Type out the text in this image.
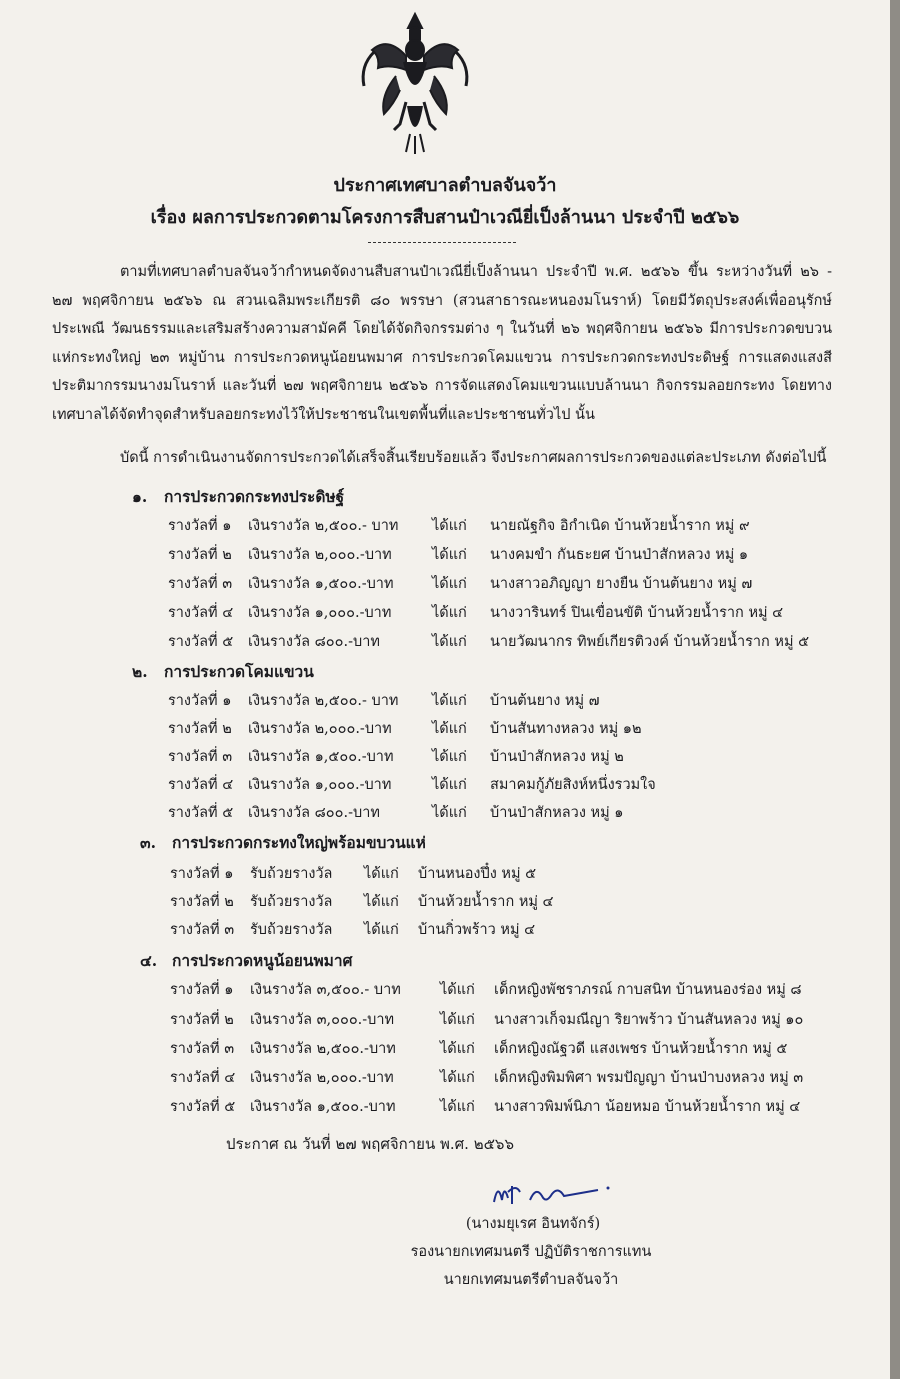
ประกาศเทศบาลตำบลจันจว้า
เรื่อง ผลการประกวดตามโครงการสืบสานป๋าเวณียี่เป็งล้านนา ประจำปี ๒๕๖๖

ตามที่เทศบาลตำบลจันจว้ากำหนดจัดงานสืบสานป๋าเวณียี่เป็งล้านนา ประจำปี พ.ศ. ๒๕๖๖ ขึ้น ระหว่างวันที่ ๒๖ - ๒๗ พฤศจิกายน ๒๕๖๖ ณ สวนเฉลิมพระเกียรติ ๘๐ พรรษา (สวนสาธารณะหนองมโนราห์) โดยมีวัตถุประสงค์เพื่ออนุรักษ์ประเพณี วัฒนธรรมและเสริมสร้างความสามัคคี โดยได้จัดกิจกรรมต่าง ๆ ในวันที่ ๒๖ พฤศจิกายน ๒๕๖๖ มีการประกวดขบวนแห่กระทงใหญ่ ๒๓ หมู่บ้าน การประกวดหนูน้อยนพมาศ การประกวดโคมแขวน การประกวดกระทงประดิษฐ์ การแสดงแสงสี ประติมากรรมนางมโนราห์ และวันที่ ๒๗ พฤศจิกายน ๒๕๖๖ การจัดแสดงโคมแขวนแบบล้านนา กิจกรรมลอยกระทง โดยทาง เทศบาลได้จัดทำจุดสำหรับลอยกระทงไว้ให้ประชาชนในเขตพื้นที่และประชาชนทั่วไป นั้น

บัดนี้ การดำเนินงานจัดการประกวดได้เสร็จสิ้นเรียบร้อยแล้ว จึงประกาศผลการประกวดของแต่ละประเภท ดังต่อไปนี้

๑. การประกวดกระทงประดิษฐ์
รางวัลที่ ๑ เงินรางวัล ๒,๕๐๐.- บาท ได้แก่ นายณัฐกิจ อิกำเนิด บ้านห้วยน้ำราก หมู่ ๙
รางวัลที่ ๒ เงินรางวัล ๒,๐๐๐.-บาท	ได้แก่ นางคมขำ กันธะยศ บ้านป่าสักหลวง หมู่ ๑
รางวัลที่ ๓ เงินรางวัล ๑,๕๐๐.-บาท	ได้แก่ นางสาวอภิญญา ยางยืน บ้านต้นยาง หมู่ ๗
รางวัลที่ ๔ เงินรางวัล ๑,๐๐๐.-บาท	ได้แก่ นางวารินทร์ ปินเขื่อนขัติ บ้านห้วยน้ำราก หมู่ ๔
รางวัลที่ ๕ เงินรางวัล ๘๐๐.-บาท	ได้แก่ นายวัฒนากร ทิพย์เกียรติวงค์ บ้านห้วยน้ำราก หมู่ ๕
๒. การประกวดโคมแขวน
รางวัลที่ ๑ เงินรางวัล ๒,๕๐๐.- บาท ได้แก่ บ้านต้นยาง หมู่ ๗
รางวัลที่ ๒ เงินรางวัล ๒,๐๐๐.-บาท	ได้แก่ บ้านสันทางหลวง หมู่ ๑๒
รางวัลที่ ๓ เงินรางวัล ๑,๕๐๐.-บาท	ได้แก่ บ้านป่าสักหลวง หมู่ ๒
รางวัลที่ ๔ เงินรางวัล ๑,๐๐๐.-บาท	ได้แก่ สมาคมกู้ภัยสิงห์หนึ่งรวมใจ
รางวัลที่ ๕ เงินรางวัล ๘๐๐.-บาท	ได้แก่ บ้านป่าสักหลวง หมู่ ๑
๓. การประกวดกระทงใหญ่พร้อมขบวนแห่
รางวัลที่ ๑ รับถ้วยรางวัล ได้แก่ บ้านหนองปึ๋ง หมู่ ๕
รางวัลที่ ๒ รับถ้วยรางวัล ได้แก่ บ้านห้วยน้ำราก หมู่ ๔
รางวัลที่ ๓ รับถ้วยรางวัล ได้แก่ บ้านกิ่วพร้าว หมู่ ๔
๔. การประกวดหนูน้อยนพมาศ
รางวัลที่ ๑ เงินรางวัล ๓,๕๐๐.- บาท	ได้แก่ เด็กหญิงพัชราภรณ์ กาบสนิท บ้านหนองร่อง หมู่ ๘
รางวัลที่ ๒ เงินรางวัล ๓,๐๐๐.-บาท	ได้แก่ นางสาวเก็จมณีญา ริยาพร้าว บ้านสันหลวง หมู่ ๑๐
รางวัลที่ ๓ เงินรางวัล ๒,๕๐๐.-บาท	ได้แก่ เด็กหญิงณัฐวดี แสงเพชร บ้านห้วยน้ำราก หมู่ ๕
รางวัลที่ ๔ เงินรางวัล ๒,๐๐๐.-บาท	ได้แก่ เด็กหญิงพิมพิศา พรมปัญญา บ้านป่าบงหลวง หมู่ ๓
รางวัลที่ ๕ เงินรางวัล ๑,๕๐๐.-บาท	ได้แก่ นางสาวพิมพ์นิภา น้อยหมอ บ้านห้วยน้ำราก หมู่ ๔
ประกาศ ณ วันที่ ๒๗ พฤศจิกายน พ.ศ. ๒๕๖๖
(นางมยุเรศ อินทจักร์)
รองนายกเทศมนตรี ปฏิบัติราชการแทน
นายกเทศมนตรีตำบลจันจว้า
